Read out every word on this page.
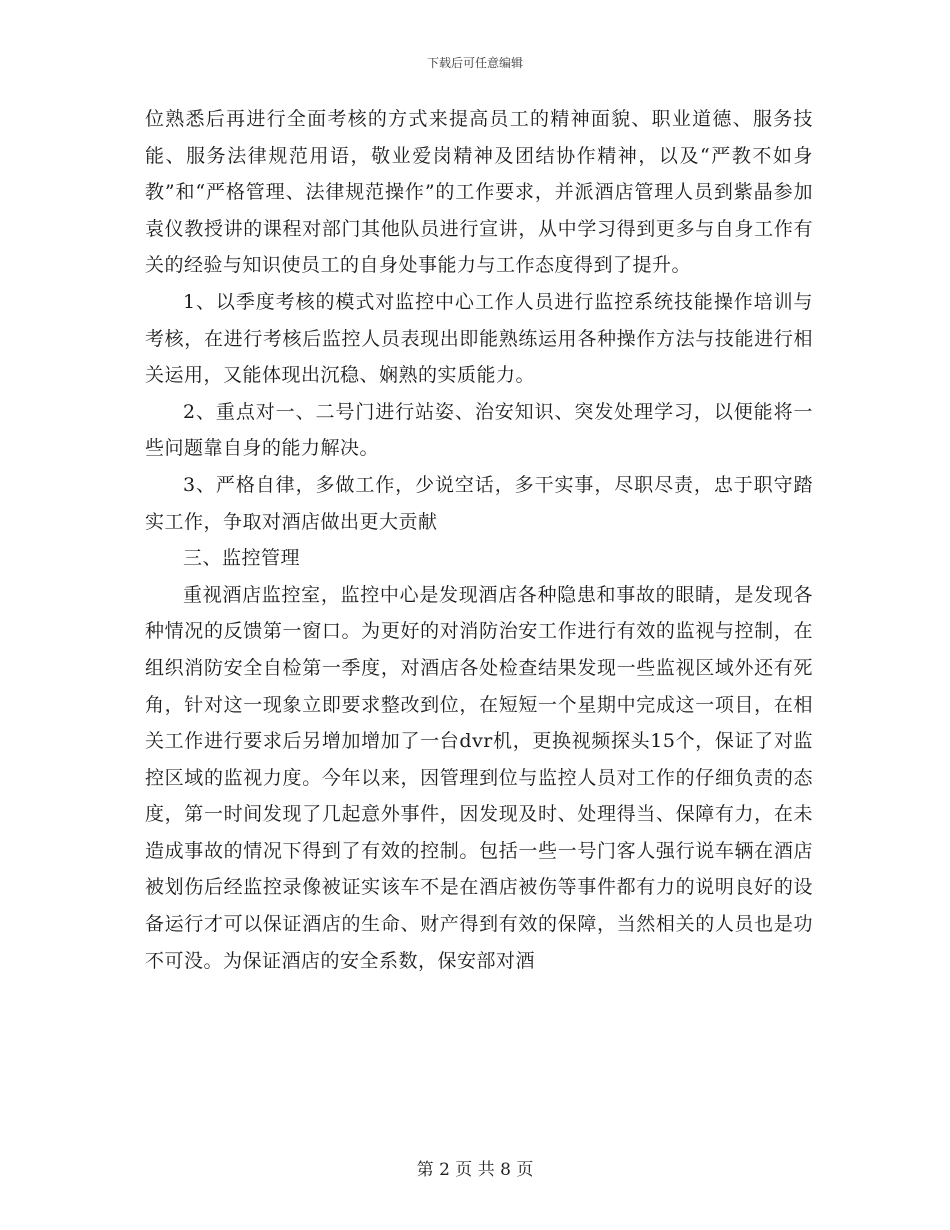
下载后可任意编辑

位熟悉后再进行全面考核的方式来提高员工的精神面貌、职业道德、服务技能、服务法律规范用语，敬业爱岗精神及团结协作精神，以及“严教不如身教”和“严格管理、法律规范操作”的工作要求，并派酒店管理人员到紫晶参加袁仪教授讲的课程对部门其他队员进行宣讲，从中学习得到更多与自身工作有关的经验与知识使员工的自身处事能力与工作态度得到了提升。

1、以季度考核的模式对监控中心工作人员进行监控系统技能操作培训与考核，在进行考核后监控人员表现出即能熟练运用各种操作方法与技能进行相关运用，又能体现出沉稳、娴熟的实质能力。

2、重点对一、二号门进行站姿、治安知识、突发处理学习，以便能将一些问题靠自身的能力解决。

3、严格自律，多做工作，少说空话，多干实事，尽职尽责，忠于职守踏实工作，争取对酒店做出更大贡献

三、监控管理

重视酒店监控室，监控中心是发现酒店各种隐患和事故的眼睛，是发现各种情况的反馈第一窗口。为更好的对消防治安工作进行有效的监视与控制，在组织消防安全自检第一季度，对酒店各处检查结果发现一些监视区域外还有死角，针对这一现象立即要求整改到位，在短短一个星期中完成这一项目，在相关工作进行要求后另增加增加了一台dvr机，更换视频探头15个，保证了对监控区域的监视力度。今年以来，因管理到位与监控人员对工作的仔细负责的态度，第一时间发现了几起意外事件，因发现及时、处理得当、保障有力，在未造成事故的情况下得到了有效的控制。包括一些一号门客人强行说车辆在酒店被划伤后经监控录像被证实该车不是在酒店被伤等事件都有力的说明良好的设备运行才可以保证酒店的生命、财产得到有效的保障，当然相关的人员也是功不可没。为保证酒店的安全系数，保安部对酒

第 2 页 共 8 页
